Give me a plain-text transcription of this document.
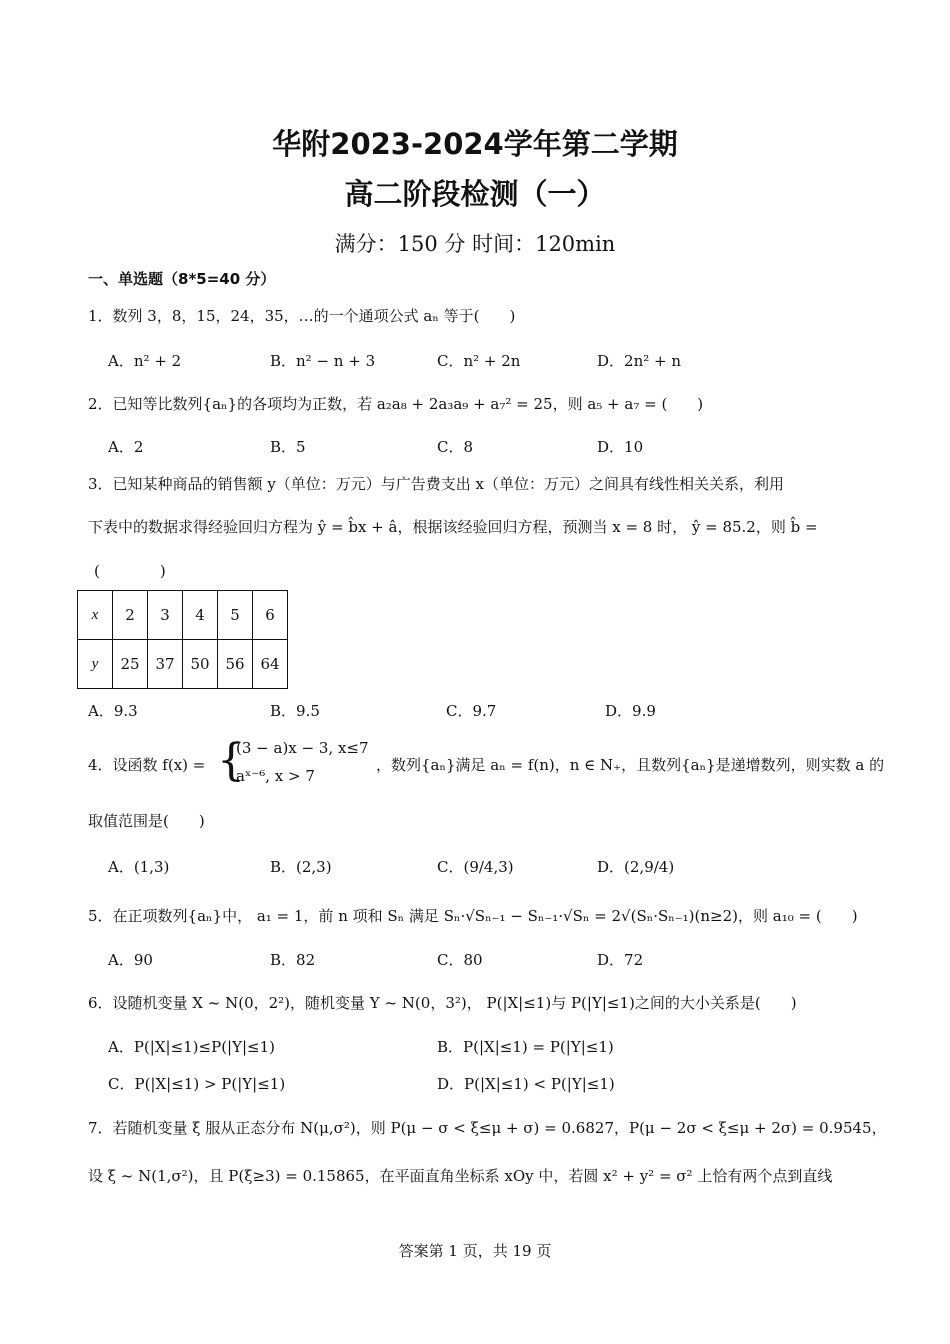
华附2023-2024学年第二学期
高二阶段检测（一）
满分：150 分 时间：120min
一、单选题（8*5=40 分）
1．数列 3，8，15，24，35，…的一个通项公式 aₙ 等于(　　)
A．n² + 2	B．n² − n + 3	C．n² + 2n	D．2n² + n
2．已知等比数列{aₙ}的各项均为正数，若 a₂a₈ + 2a₃a₉ + a₇² = 25，则 a₅ + a₇ = (　　)
A．2	B．5	C．8	D．10
3．已知某种商品的销售额 y（单位：万元）与广告费支出 x（单位：万元）之间具有线性相关关系，利用
下表中的数据求得经验回归方程为 ŷ = b̂x + â，根据该经验回归方程，预测当 x = 8 时， ŷ = 85.2，则 b̂ =
(　　　　)
x	2	3	4	5	6
y	25	37	50	56	64
A．9.3	B．9.5	C．9.7	D．9.9
4．设函数 f(x) = {
(3 − a)x − 3, x≤7
aˣ⁻⁶, x > 7
，数列{aₙ}满足 aₙ = f(n)，n ∈ N₊，且数列{aₙ}是递增数列，则实数 a 的
取值范围是(　　)
A．(1,3)	B．(2,3)	C．(9/4,3)	D．(2,9/4)
5．在正项数列{aₙ}中， a₁ = 1，前 n 项和 Sₙ 满足 Sₙ·√Sₙ₋₁ − Sₙ₋₁·√Sₙ = 2√(Sₙ·Sₙ₋₁)(n≥2)，则 a₁₀ = (　　)
A．90	B．82	C．80	D．72
6．设随机变量 X ~ N(0，2²)，随机变量 Y ~ N(0，3²)， P(|X|≤1)与 P(|Y|≤1)之间的大小关系是(　　)
A．P(|X|≤1)≤P(|Y|≤1)	B．P(|X|≤1) = P(|Y|≤1)
C．P(|X|≤1) > P(|Y|≤1)	D．P(|X|≤1) < P(|Y|≤1)
7．若随机变量 ξ 服从正态分布 N(μ,σ²)，则 P(μ − σ < ξ≤μ + σ) = 0.6827，P(μ − 2σ < ξ≤μ + 2σ) = 0.9545，
设 ξ ~ N(1,σ²)，且 P(ξ≥3) = 0.15865，在平面直角坐标系 xOy 中，若圆 x² + y² = σ² 上恰有两个点到直线
答案第 1 页，共 19 页
